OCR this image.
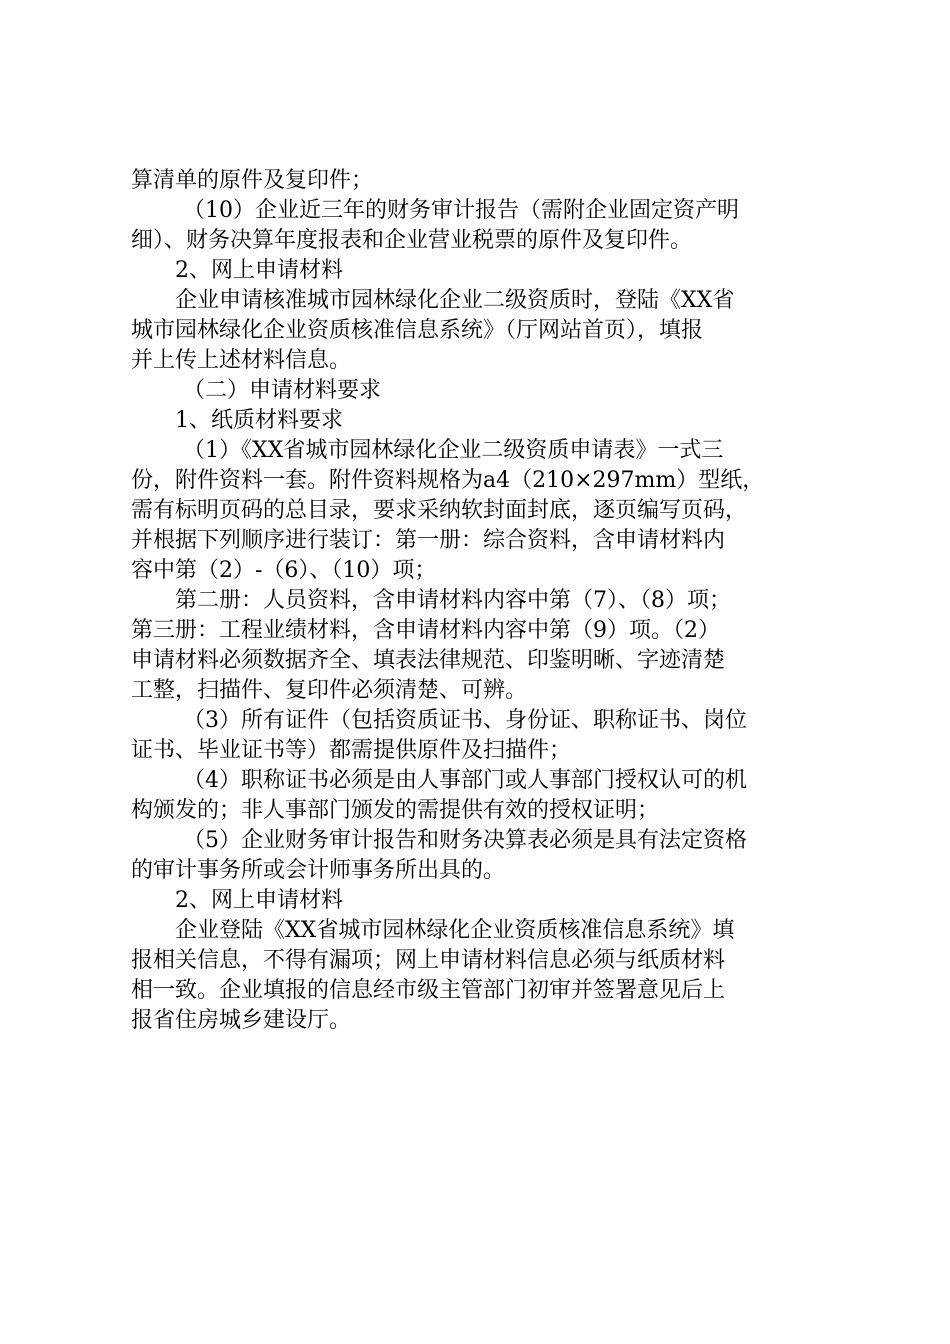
算清单的原件及复印件；
（10）企业近三年的财务审计报告（需附企业固定资产明
细）、财务决算年度报表和企业营业税票的原件及复印件。
2、网上申请材料
企业申请核准城市园林绿化企业二级资质时，登陆《XX省
城市园林绿化企业资质核准信息系统》（厅网站首页），填报
并上传上述材料信息。
（二）申请材料要求
1、纸质材料要求
（1）《XX省城市园林绿化企业二级资质申请表》一式三
份，附件资料一套。附件资料规格为a4（210×297mm）型纸，
需有标明页码的总目录，要求采纳软封面封底，逐页编写页码，
并根据下列顺序进行装订：第一册：综合资料，含申请材料内
容中第（2）-（6）、（10）项；
第二册：人员资料，含申请材料内容中第（7）、（8）项；
第三册：工程业绩材料，含申请材料内容中第（9）项。（2）
申请材料必须数据齐全、填表法律规范、印鉴明晰、字迹清楚
工整，扫描件、复印件必须清楚、可辨。
（3）所有证件（包括资质证书、身份证、职称证书、岗位
证书、毕业证书等）都需提供原件及扫描件；
（4）职称证书必须是由人事部门或人事部门授权认可的机
构颁发的；非人事部门颁发的需提供有效的授权证明；
（5）企业财务审计报告和财务决算表必须是具有法定资格
的审计事务所或会计师事务所出具的。
2、网上申请材料
企业登陆《XX省城市园林绿化企业资质核准信息系统》填
报相关信息，不得有漏项；网上申请材料信息必须与纸质材料
相一致。企业填报的信息经市级主管部门初审并签署意见后上
报省住房城乡建设厅。
